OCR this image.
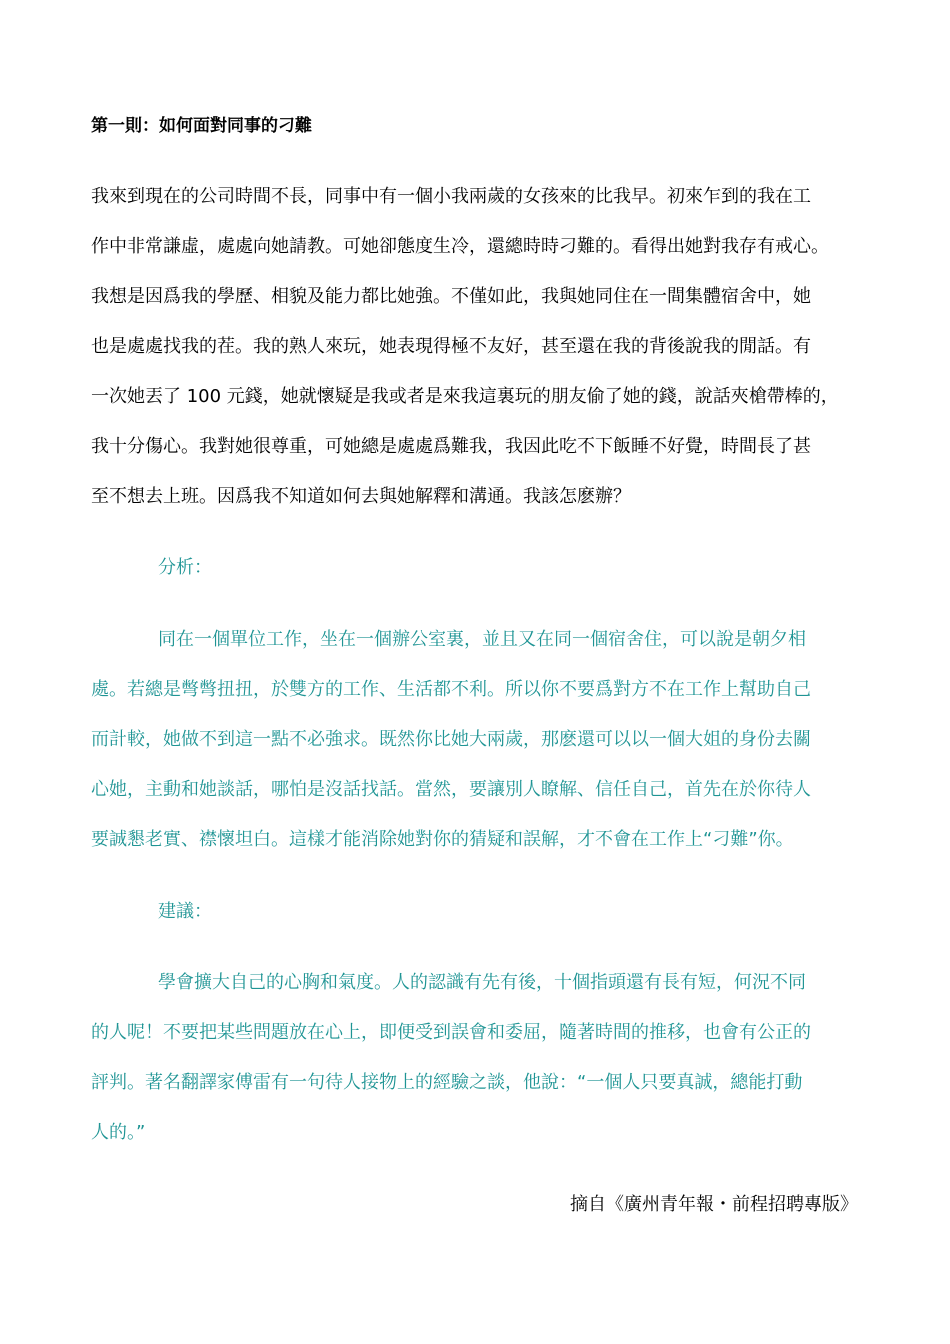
第一則：如何面對同事的刁難
我來到現在的公司時間不長，同事中有一個小我兩歲的女孩來的比我早。初來乍到的我在工
作中非常謙虛，處處向她請教。可她卻態度生冷，還總時時刁難的。看得出她對我存有戒心。
我想是因爲我的學歷、相貌及能力都比她強。不僅如此，我與她同住在一間集體宿舍中，她
也是處處找我的茬。我的熟人來玩，她表現得極不友好，甚至還在我的背後說我的閒話。有
一次她丟了 100 元錢，她就懷疑是我或者是來我這裏玩的朋友偷了她的錢，說話夾槍帶棒的，
我十分傷心。我對她很尊重，可她總是處處爲難我，我因此吃不下飯睡不好覺，時間長了甚
至不想去上班。因爲我不知道如何去與她解釋和溝通。我該怎麽辦？
分析：
同在一個單位工作，坐在一個辦公室裏，並且又在同一個宿舍住，可以說是朝夕相
處。若總是彆彆扭扭，於雙方的工作、生活都不利。所以你不要爲對方不在工作上幫助自己
而計較，她做不到這一點不必強求。既然你比她大兩歲，那麽還可以以一個大姐的身份去關
心她，主動和她談話，哪怕是沒話找話。當然，要讓別人瞭解、信任自己，首先在於你待人
要誠懇老實、襟懷坦白。這樣才能消除她對你的猜疑和誤解，才不會在工作上“刁難”你。
建議：
學會擴大自己的心胸和氣度。人的認識有先有後，十個指頭還有長有短，何況不同
的人呢！不要把某些問題放在心上，即便受到誤會和委屈，隨著時間的推移，也會有公正的
評判。著名翻譯家傅雷有一句待人接物上的經驗之談，他說：“一個人只要真誠，總能打動
人的。”
摘自《廣州青年報・前程招聘專版》
